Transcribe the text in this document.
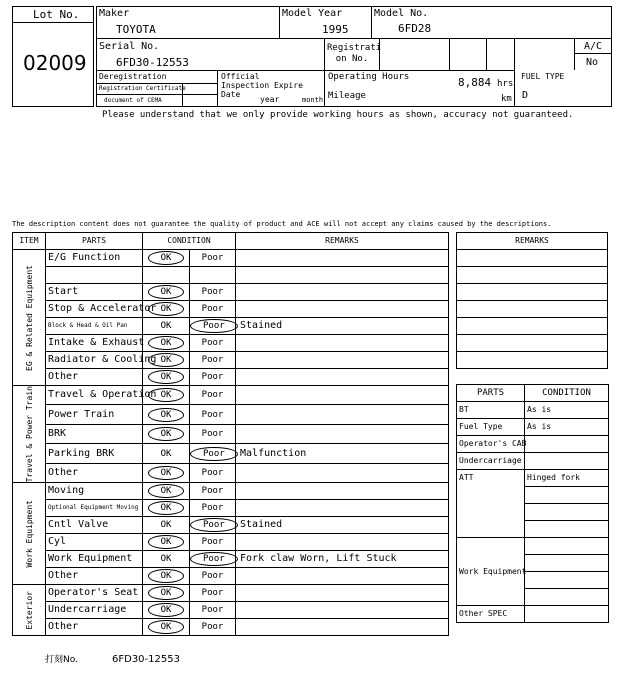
Lot No.
02009
Maker
TOYOTA
Model Year
1995
Model No.
6FD28
Serial No.
6FD30-12553
Registrati on No.
A/C
No
Deregistration
Registration Certificate
document of CEMA
Official Inspection Expire Date
year	month
Operating Hours	8,884 hrs
Mileage	km
FUEL TYPE
D
Please understand that we only provide working hours as shown, accuracy not guaranteed.
The description content does not guarantee the quality of product and ACE will not accept any claims caused by the descriptions.
ITEM	PARTS	CONDITION		REMARKS

EG & Related Equipment	E/G Function	OK	Poor	

	Start	OK	Poor	
	Stop & Accelerator	OK	Poor	
	Block & Head & Oil Pan	OK	Poor	Stained
	Intake & Exhaust	OK	Poor	
	Radiator & Cooling	OK	Poor	
	Other	OK	Poor	

Travel & Power Train	Travel & Operation	OK	Poor	
	Power Train	OK	Poor	
	BRK	OK	Poor	
	Parking BRK	OK	Poor	Malfunction
	Other	OK	Poor	

Work Equipment	Moving	OK	Poor	
	Optional Equipment Moving	OK	Poor	
	Cntl Valve	OK	Poor	Stained
	Cyl	OK	Poor	
	Work Equipment	OK	Poor	Fork claw Worn, Lift Stuck
	Other	OK	Poor	

Exterior	Operator's Seat	OK	Poor	
	Undercarriage	OK	Poor	
	Other	OK	Poor	
REMARKS

PARTS	CONDITION
BT	As is
Fuel Type	As is
Operator's CAB	
Undercarriage	
ATT	Hinged fork

Work Equipment	

Other SPEC	
打刻No.	6FD30-12553
